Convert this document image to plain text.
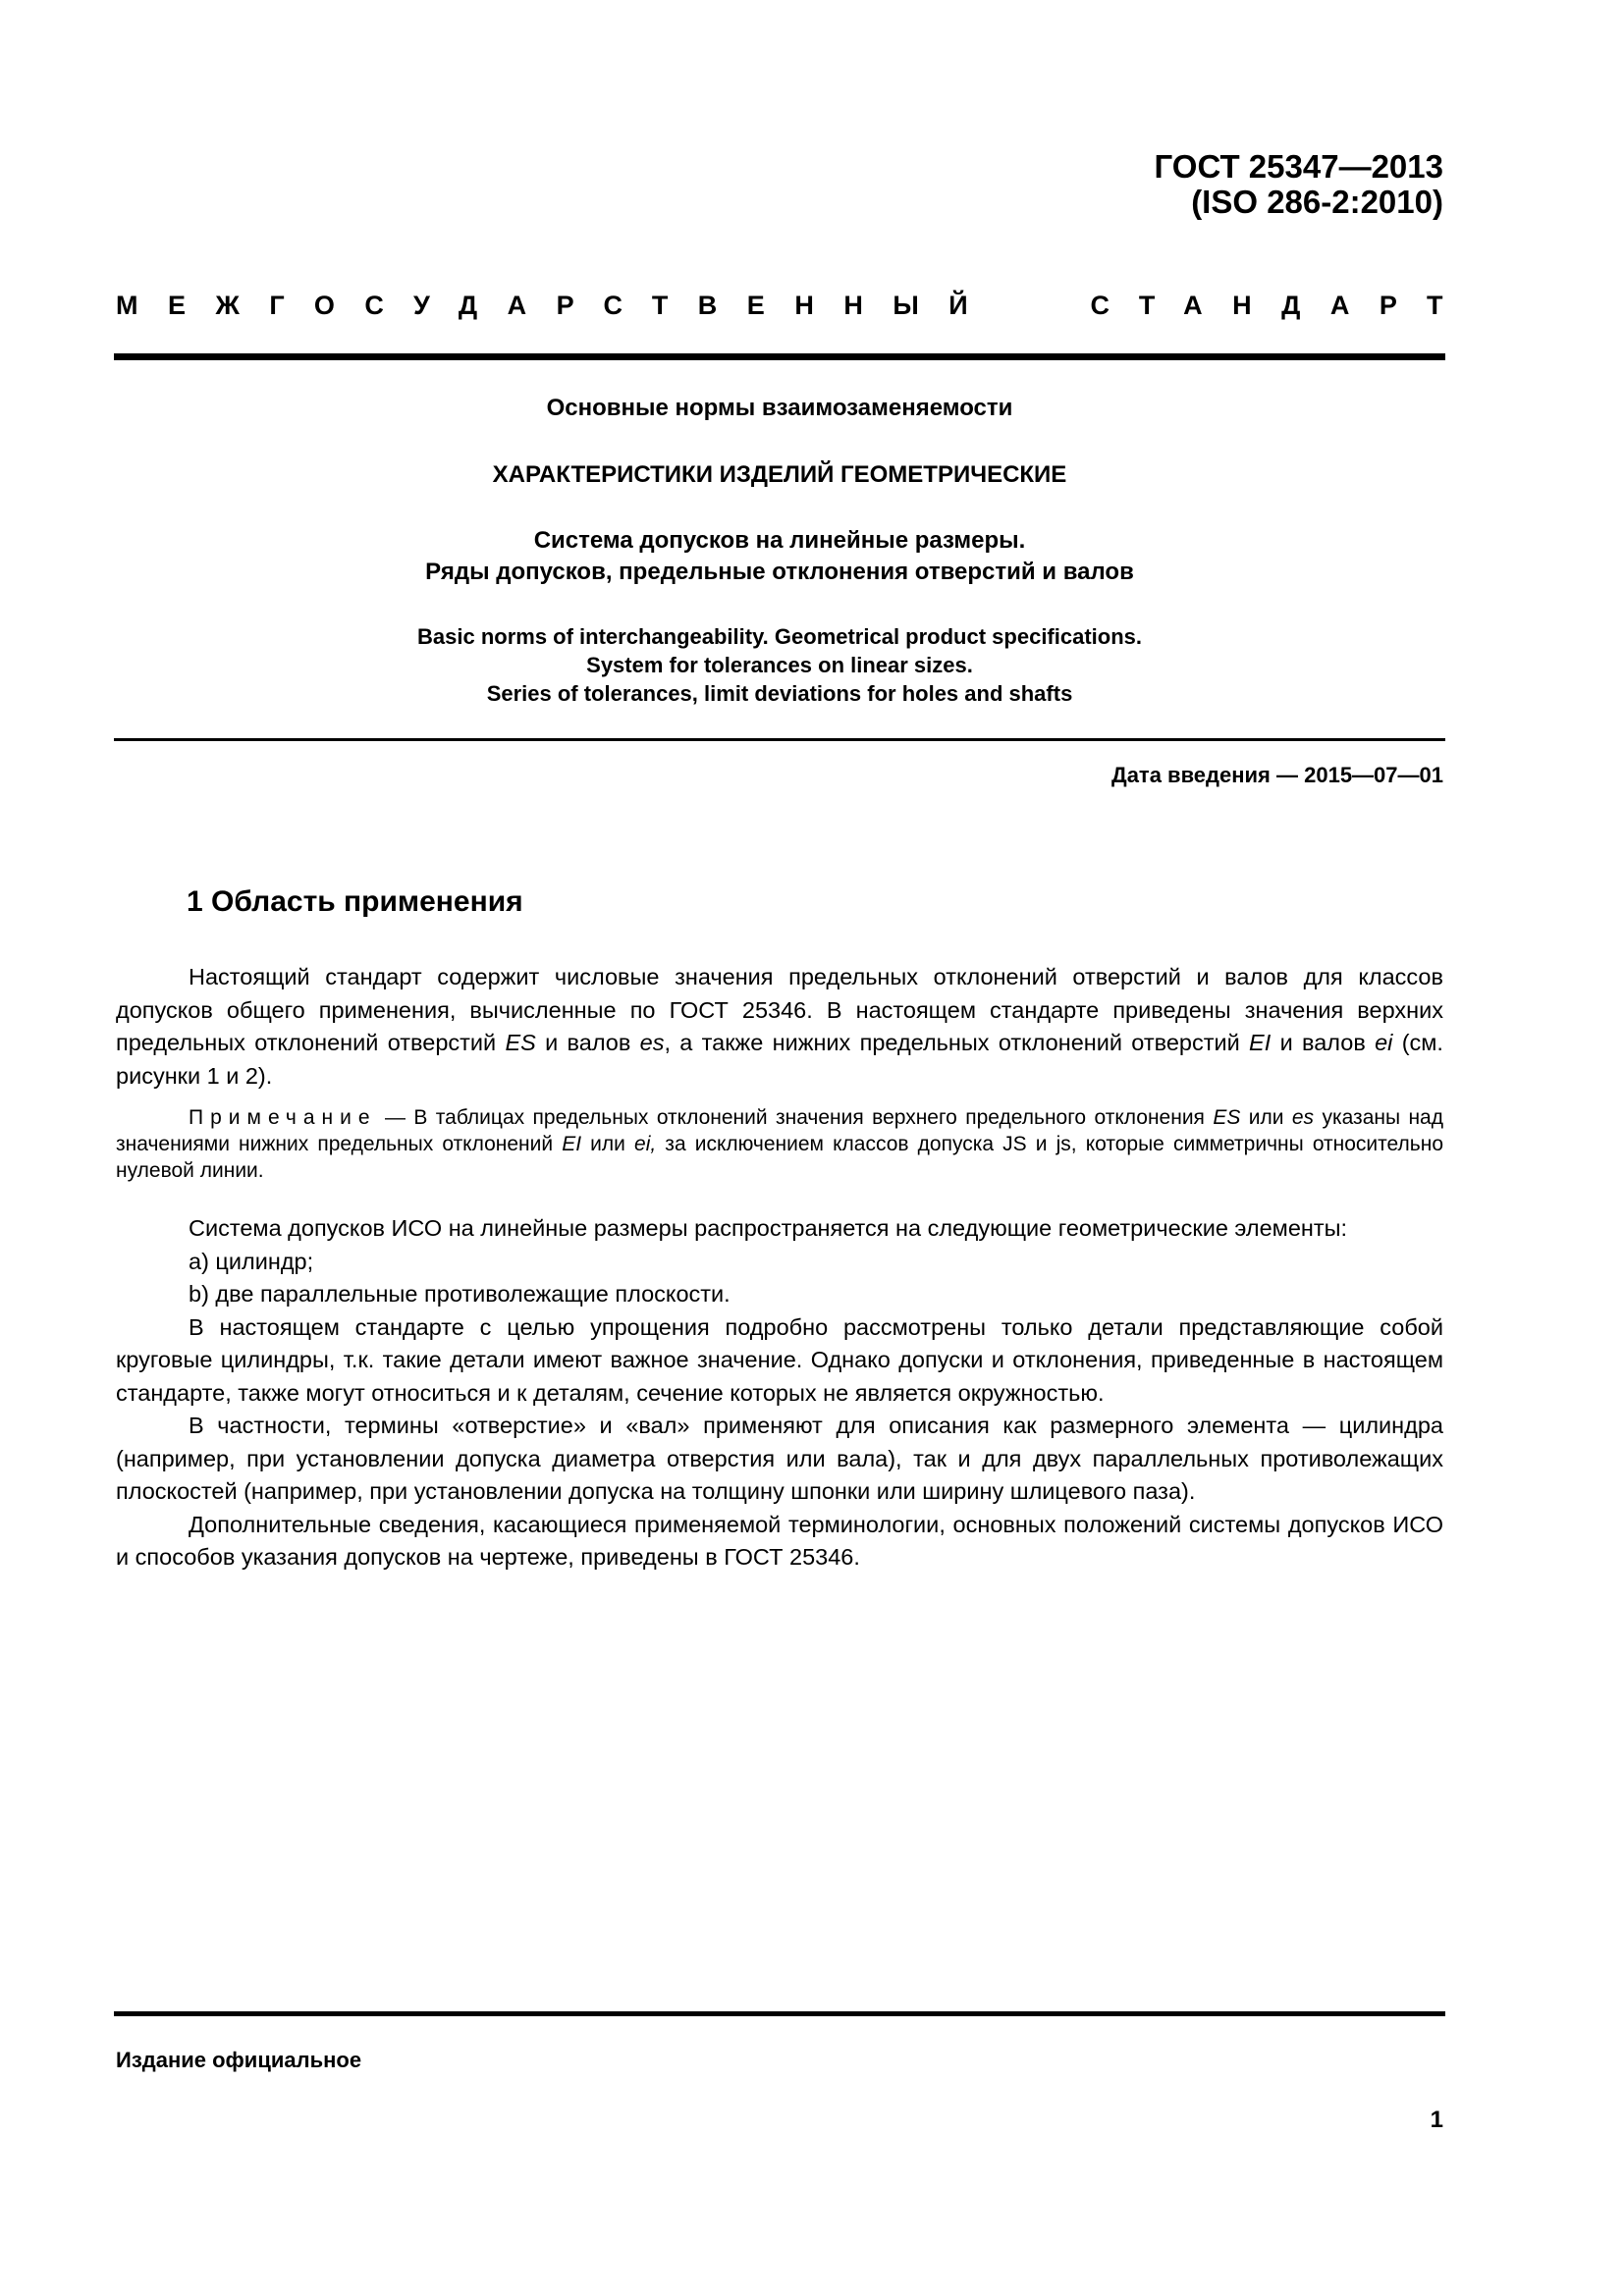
ГОСТ 25347—2013
(ISO 286-2:2010)
МЕЖГОСУДАРСТВЕННЫЙ	СТАНДАРТ
Основные нормы взаимозаменяемости
ХАРАКТЕРИСТИКИ ИЗДЕЛИЙ ГЕОМЕТРИЧЕСКИЕ
Система допусков на линейные размеры.
Ряды допусков, предельные отклонения отверстий и валов
Basic norms of interchangeability. Geometrical product specifications.
System for tolerances on linear sizes.
Series of tolerances, limit deviations for holes and shafts
Дата введения — 2015—07—01
1 Область применения

Настоящий стандарт содержит числовые значения предельных отклонений отверстий и валов для классов допусков общего применения, вычисленные по ГОСТ 25346. В настоящем стандарте приведены значения верхних предельных отклонений отверстий ES и валов es, а также нижних предельных отклонений отверстий EI и валов ei (см. рисунки 1 и 2).

Примечание — В таблицах предельных отклонений значения верхнего предельного отклонения ES или es указаны над значениями нижних предельных отклонений EI или ei, за исключением классов допуска JS и js, которые симметричны относительно нулевой линии.

Система допусков ИСО на линейные размеры распространяется на следующие геометрические элементы:

a) цилиндр;

b) две параллельные противолежащие плоскости.

В настоящем стандарте с целью упрощения подробно рассмотрены только детали представляющие собой круговые цилиндры, т.к. такие детали имеют важное значение. Однако допуски и отклонения, приведенные в настоящем стандарте, также могут относиться и к деталям, сечение которых не является окружностью.

В частности, термины «отверстие» и «вал» применяют для описания как размерного элемента — цилиндра (например, при установлении допуска диаметра отверстия или вала), так и для двух параллельных противолежащих плоскостей (например, при установлении допуска на толщину шпонки или ширину шлицевого паза).

Дополнительные сведения, касающиеся применяемой терминологии, основных положений системы допусков ИСО и способов указания допусков на чертеже, приведены в ГОСТ 25346.

Издание официальное
1
